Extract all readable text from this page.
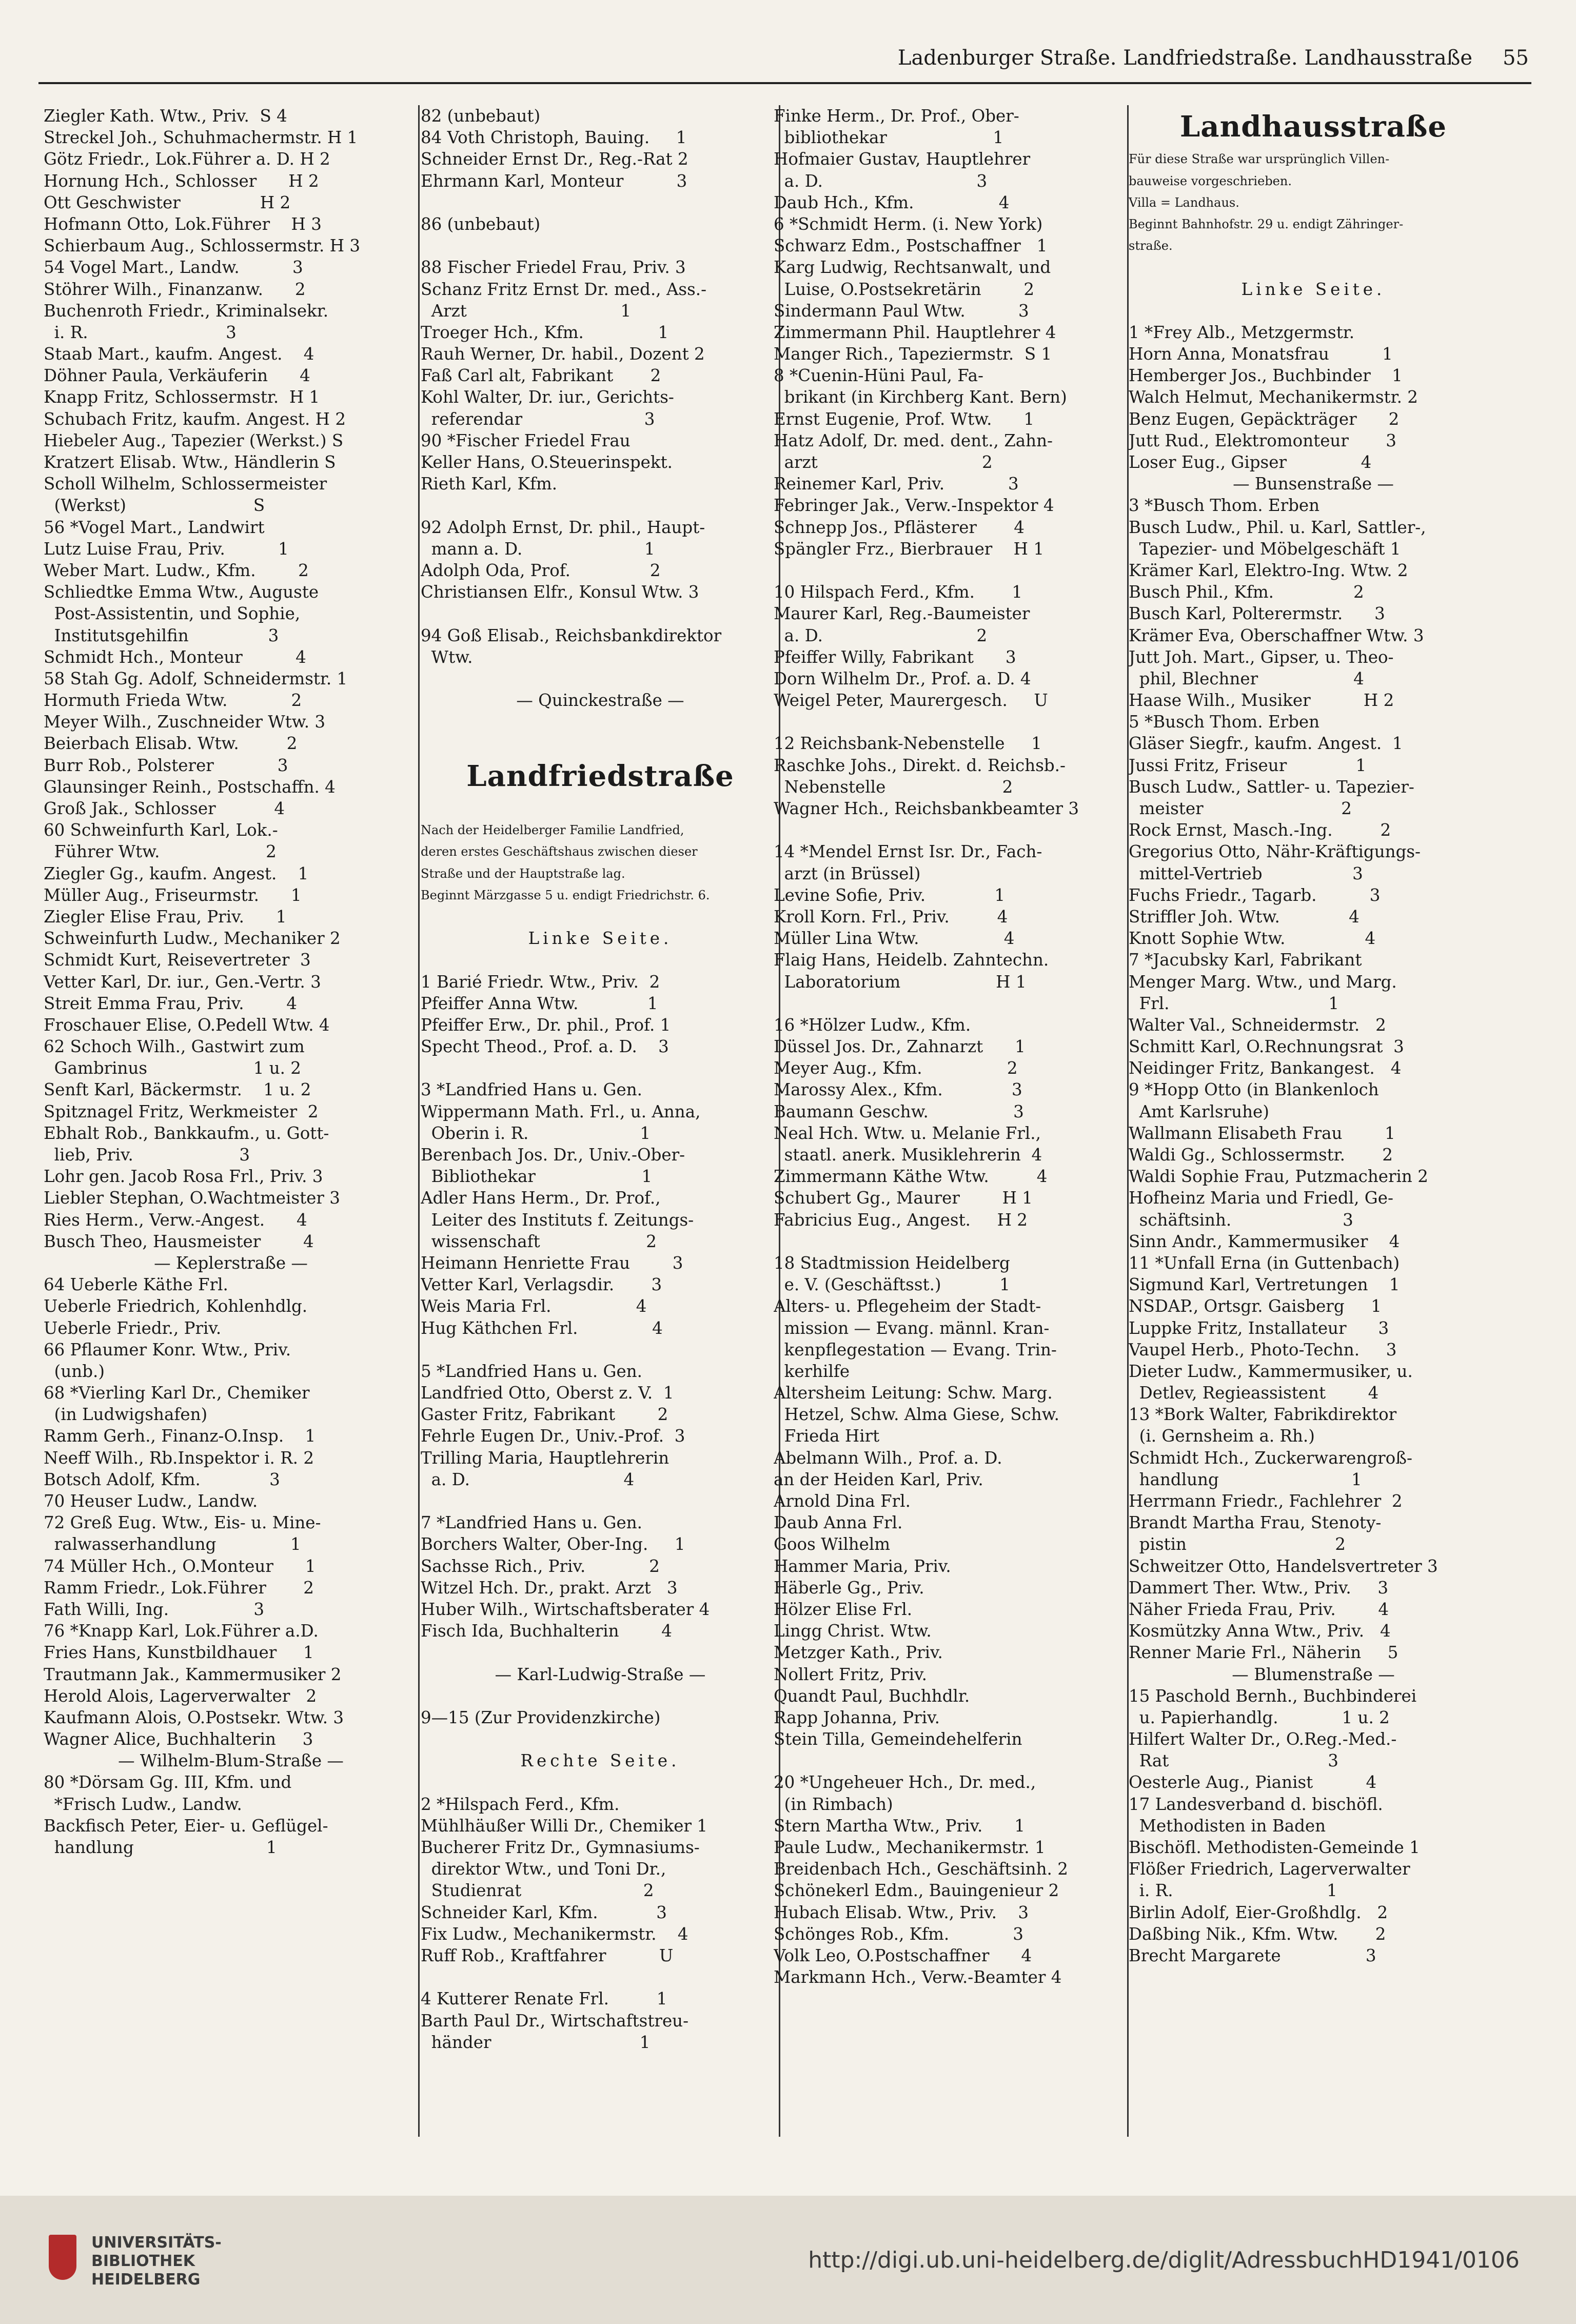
Ladenburger Straße. Landfriedstraße. Landhausstraße 55
Ziegler Kath. Wtw., Priv.  S 4
Streckel Joh., Schuhmachermstr. H 1
Götz Friedr., Lok.Führer a. D. H 2
Hornung Hch., Schlosser      H 2
Ott Geschwister               H 2
Hofmann Otto, Lok.Führer    H 3
Schierbaum Aug., Schlossermstr. H 3
54 Vogel Mart., Landw.          3
Stöhrer Wilh., Finanzanw.      2
Buchenroth Friedr., Kriminalsekr.
i. R.                          3
Staab Mart., kaufm. Angest.    4
Döhner Paula, Verkäuferin      4
Knapp Fritz, Schlossermstr.  H 1
Schubach Fritz, kaufm. Angest. H 2
Hiebeler Aug., Tapezier (Werkst.) S
Kratzert Elisab. Wtw., Händlerin S
Scholl Wilhelm, Schlossermeister
(Werkst)                        S
56 *Vogel Mart., Landwirt
Lutz Luise Frau, Priv.          1
Weber Mart. Ludw., Kfm.        2
Schliedtke Emma Wtw., Auguste
Post-Assistentin, und Sophie,
Institutsgehilfin               3
Schmidt Hch., Monteur          4
58 Stah Gg. Adolf, Schneidermstr. 1
Hormuth Frieda Wtw.            2
Meyer Wilh., Zuschneider Wtw. 3
Beierbach Elisab. Wtw.         2
Burr Rob., Polsterer            3
Glaunsinger Reinh., Postschaffn. 4
Groß Jak., Schlosser           4
60 Schweinfurth Karl, Lok.-
Führer Wtw.                    2
Ziegler Gg., kaufm. Angest.    1
Müller Aug., Friseurmstr.      1
Ziegler Elise Frau, Priv.      1
Schweinfurth Ludw., Mechaniker 2
Schmidt Kurt, Reisevertreter  3
Vetter Karl, Dr. iur., Gen.-Vertr. 3
Streit Emma Frau, Priv.        4
Froschauer Elise, O.Pedell Wtw. 4
62 Schoch Wilh., Gastwirt zum
Gambrinus                    1 u. 2
Senft Karl, Bäckermstr.    1 u. 2
Spitznagel Fritz, Werkmeister  2
Ebhalt Rob., Bankkaufm., u. Gott-
lieb, Priv.                    3
Lohr gen. Jacob Rosa Frl., Priv. 3
Liebler Stephan, O.Wachtmeister 3
Ries Herm., Verw.-Angest.      4
Busch Theo, Hausmeister        4
— Keplerstraße —
64 Ueberle Käthe Frl.
Ueberle Friedrich, Kohlenhdlg.
Ueberle Friedr., Priv.
66 Pflaumer Konr. Wtw., Priv.
(unb.)
68 *Vierling Karl Dr., Chemiker
(in Ludwigshafen)
Ramm Gerh., Finanz-O.Insp.    1
Neeff Wilh., Rb.Inspektor i. R. 2
Botsch Adolf, Kfm.             3
70 Heuser Ludw., Landw.
72 Greß Eug. Wtw., Eis- u. Mine-
ralwasserhandlung              1
74 Müller Hch., O.Monteur      1
Ramm Friedr., Lok.Führer       2
Fath Willi, Ing.                3
76 *Knapp Karl, Lok.Führer a.D.
Fries Hans, Kunstbildhauer     1
Trautmann Jak., Kammermusiker 2
Herold Alois, Lagerverwalter   2
Kaufmann Alois, O.Postsekr. Wtw. 3
Wagner Alice, Buchhalterin     3
— Wilhelm-Blum-Straße —
80 *Dörsam Gg. III, Kfm. und
*Frisch Ludw., Landw.
Backfisch Peter, Eier- u. Geflügel-
handlung                         1
82 (unbebaut)
84 Voth Christoph, Bauing.     1
Schneider Ernst Dr., Reg.-Rat 2
Ehrmann Karl, Monteur          3
86 (unbebaut)
88 Fischer Friedel Frau, Priv. 3
Schanz Fritz Ernst Dr. med., Ass.-
Arzt                             1
Troeger Hch., Kfm.              1
Rauh Werner, Dr. habil., Dozent 2
Faß Carl alt, Fabrikant       2
Kohl Walter, Dr. iur., Gerichts-
referendar                       3
90 *Fischer Friedel Frau
Keller Hans, O.Steuerinspekt.
Rieth Karl, Kfm.
92 Adolph Ernst, Dr. phil., Haupt-
mann a. D.                       1
Adolph Oda, Prof.               2
Christiansen Elfr., Konsul Wtw. 3
94 Goß Elisab., Reichsbankdirektor
Wtw.
— Quinckestraße —
Landfriedstraße
Nach der Heidelberger Familie Landfried,
deren erstes Geschäftshaus zwischen dieser
Straße und der Hauptstraße lag.
Beginnt Märzgasse 5 u. endigt Friedrichstr. 6.
Linke Seite.
1 Barié Friedr. Wtw., Priv.  2
Pfeiffer Anna Wtw.             1
Pfeiffer Erw., Dr. phil., Prof. 1
Specht Theod., Prof. a. D.    3
3 *Landfried Hans u. Gen.
Wippermann Math. Frl., u. Anna,
Oberin i. R.                     1
Berenbach Jos. Dr., Univ.-Ober-
Bibliothekar                    1
Adler Hans Herm., Dr. Prof.,
Leiter des Instituts f. Zeitungs-
wissenschaft                    2
Heimann Henriette Frau        3
Vetter Karl, Verlagsdir.       3
Weis Maria Frl.                4
Hug Käthchen Frl.              4
5 *Landfried Hans u. Gen.
Landfried Otto, Oberst z. V.  1
Gaster Fritz, Fabrikant        2
Fehrle Eugen Dr., Univ.-Prof.  3
Trilling Maria, Hauptlehrerin
a. D.                             4
7 *Landfried Hans u. Gen.
Borchers Walter, Ober-Ing.     1
Sachsse Rich., Priv.            2
Witzel Hch. Dr., prakt. Arzt   3
Huber Wilh., Wirtschaftsberater 4
Fisch Ida, Buchhalterin        4
— Karl-Ludwig-Straße —
9—15 (Zur Providenzkirche)
Rechte Seite.
2 *Hilspach Ferd., Kfm.
Mühlhäußer Willi Dr., Chemiker 1
Bucherer Fritz Dr., Gymnasiums-
direktor Wtw., und Toni Dr.,
Studienrat                       2
Schneider Karl, Kfm.           3
Fix Ludw., Mechanikermstr.    4
Ruff Rob., Kraftfahrer          U
4 Kutterer Renate Frl.         1
Barth Paul Dr., Wirtschaftstreu-
händer                            1
Finke Herm., Dr. Prof., Ober-
bibliothekar                    1
Hofmaier Gustav, Hauptlehrer
a. D.                             3
Daub Hch., Kfm.                4
6 *Schmidt Herm. (i. New York)
Schwarz Edm., Postschaffner   1
Karg Ludwig, Rechtsanwalt, und
Luise, O.Postsekretärin        2
Sindermann Paul Wtw.          3
Zimmermann Phil. Hauptlehrer 4
Manger Rich., Tapeziermstr.  S 1
8 *Cuenin-Hüni Paul, Fa-
brikant (in Kirchberg Kant. Bern)
Ernst Eugenie, Prof. Wtw.      1
Hatz Adolf, Dr. med. dent., Zahn-
arzt                               2
Reinemer Karl, Priv.            3
Febringer Jak., Verw.-Inspektor 4
Schnepp Jos., Pflästerer       4
Spängler Frz., Bierbrauer    H 1
10 Hilspach Ferd., Kfm.       1
Maurer Karl, Reg.-Baumeister
a. D.                             2
Pfeiffer Willy, Fabrikant      3
Dorn Wilhelm Dr., Prof. a. D. 4
Weigel Peter, Maurergesch.     U
12 Reichsbank-Nebenstelle     1
Raschke Johs., Direkt. d. Reichsb.-
Nebenstelle                      2
Wagner Hch., Reichsbankbeamter 3
14 *Mendel Ernst Isr. Dr., Fach-
arzt (in Brüssel)
Levine Sofie, Priv.             1
Kroll Korn. Frl., Priv.         4
Müller Lina Wtw.                4
Flaig Hans, Heidelb. Zahntechn.
Laboratorium                  H 1
16 *Hölzer Ludw., Kfm.
Düssel Jos. Dr., Zahnarzt      1
Meyer Aug., Kfm.                2
Marossy Alex., Kfm.             3
Baumann Geschw.                3
Neal Hch. Wtw. u. Melanie Frl.,
staatl. anerk. Musiklehrerin  4
Zimmermann Käthe Wtw.         4
Schubert Gg., Maurer        H 1
Fabricius Eug., Angest.     H 2
18 Stadtmission Heidelberg
e. V. (Geschäftsst.)           1
Alters- u. Pflegeheim der Stadt-
mission — Evang. männl. Kran-
kenpflegestation — Evang. Trin-
kerhilfe
Altersheim Leitung: Schw. Marg.
Hetzel, Schw. Alma Giese, Schw.
Frieda Hirt
Abelmann Wilh., Prof. a. D.
an der Heiden Karl, Priv.
Arnold Dina Frl.
Daub Anna Frl.
Goos Wilhelm
Hammer Maria, Priv.
Häberle Gg., Priv.
Hölzer Elise Frl.
Lingg Christ. Wtw.
Metzger Kath., Priv.
Nollert Fritz, Priv.
Quandt Paul, Buchhdlr.
Rapp Johanna, Priv.
Stein Tilla, Gemeindehelferin
20 *Ungeheuer Hch., Dr. med.,
(in Rimbach)
Stern Martha Wtw., Priv.      1
Paule Ludw., Mechanikermstr. 1
Breidenbach Hch., Geschäftsinh. 2
Schönekerl Edm., Bauingenieur 2
Hubach Elisab. Wtw., Priv.    3
Schönges Rob., Kfm.            3
Volk Leo, O.Postschaffner      4
Markmann Hch., Verw.-Beamter 4
Landhausstraße
Für diese Straße war ursprünglich Villen-
bauweise vorgeschrieben.
Villa = Landhaus.
Beginnt Bahnhofstr. 29 u. endigt Zähringer-
straße.
Linke Seite.
1 *Frey Alb., Metzgermstr.
Horn Anna, Monatsfrau          1
Hemberger Jos., Buchbinder    1
Walch Helmut, Mechanikermstr. 2
Benz Eugen, Gepäckträger      2
Jutt Rud., Elektromonteur       3
Loser Eug., Gipser              4
— Bunsenstraße —
3 *Busch Thom. Erben
Busch Ludw., Phil. u. Karl, Sattler-,
Tapezier- und Möbelgeschäft 1
Krämer Karl, Elektro-Ing. Wtw. 2
Busch Phil., Kfm.               2
Busch Karl, Polterermstr.      3
Krämer Eva, Oberschaffner Wtw. 3
Jutt Joh. Mart., Gipser, u. Theo-
phil, Blechner                  4
Haase Wilh., Musiker          H 2
5 *Busch Thom. Erben
Gläser Siegfr., kaufm. Angest.  1
Jussi Fritz, Friseur             1
Busch Ludw., Sattler- u. Tapezier-
meister                          2
Rock Ernst, Masch.-Ing.         2
Gregorius Otto, Nähr-Kräftigungs-
mittel-Vertrieb                 3
Fuchs Friedr., Tagarb.          3
Striffler Joh. Wtw.             4
Knott Sophie Wtw.               4
7 *Jacubsky Karl, Fabrikant
Menger Marg. Wtw., und Marg.
Frl.                              1
Walter Val., Schneidermstr.   2
Schmitt Karl, O.Rechnungsrat  3
Neidinger Fritz, Bankangest.   4
9 *Hopp Otto (in Blankenloch
Amt Karlsruhe)
Wallmann Elisabeth Frau        1
Waldi Gg., Schlossermstr.       2
Waldi Sophie Frau, Putzmacherin 2
Hofheinz Maria und Friedl, Ge-
schäftsinh.                     3
Sinn Andr., Kammermusiker    4
11 *Unfall Erna (in Guttenbach)
Sigmund Karl, Vertretungen    1
NSDAP., Ortsgr. Gaisberg     1
Luppke Fritz, Installateur      3
Vaupel Herb., Photo-Techn.     3
Dieter Ludw., Kammermusiker, u.
Detlev, Regieassistent        4
13 *Bork Walter, Fabrikdirektor
(i. Gernsheim a. Rh.)
Schmidt Hch., Zuckerwarengroß-
handlung                         1
Herrmann Friedr., Fachlehrer  2
Brandt Martha Frau, Stenoty-
pistin                            2
Schweitzer Otto, Handelsvertreter 3
Dammert Ther. Wtw., Priv.     3
Näher Frieda Frau, Priv.        4
Kosmützky Anna Wtw., Priv.   4
Renner Marie Frl., Näherin     5
— Blumenstraße —
15 Paschold Bernh., Buchbinderei
u. Papierhandlg.            1 u. 2
Hilfert Walter Dr., O.Reg.-Med.-
Rat                              3
Oesterle Aug., Pianist          4
17 Landesverband d. bischöfl.
Methodisten in Baden
Bischöfl. Methodisten-Gemeinde 1
Flößer Friedrich, Lagerverwalter
i. R.                             1
Birlin Adolf, Eier-Großhdlg.   2
Daßbing Nik., Kfm. Wtw.       2
Brecht Margarete                3
UNIVERSITÄTS-
BIBLIOTHEK
HEIDELBERG
http://digi.ub.uni-heidelberg.de/diglit/AdressbuchHD1941/0106
